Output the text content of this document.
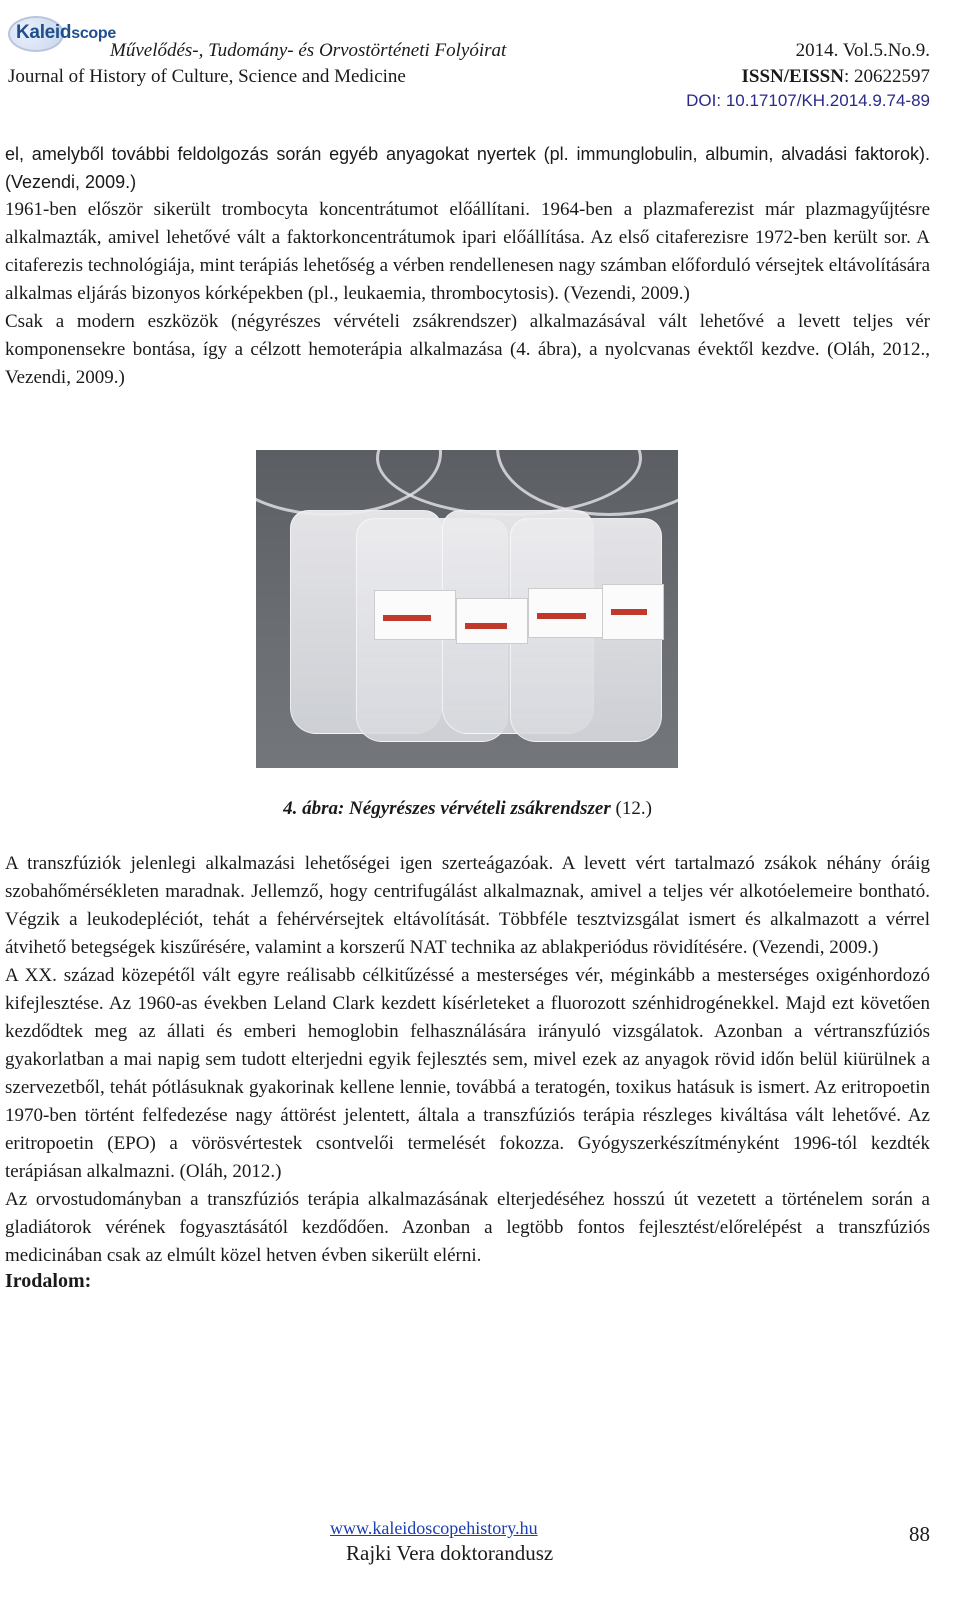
Kaleidscope
Művelődés-, Tudomány- és Orvostörténeti Folyóirat
Journal of History of Culture, Science and Medicine
2014. Vol.5.No.9.
ISSN/EISSN: 20622597
DOI: 10.17107/KH.2014.9.74-89

el, amelyből további feldolgozás során egyéb anyagokat nyertek (pl. immunglobulin, albumin, alvadási faktorok). (Vezendi, 2009.)

1961-ben először sikerült trombocyta koncentrátumot előállítani. 1964-ben a plazmaferezist már plazmagyűjtésre alkalmazták, amivel lehetővé vált a faktorkoncentrátumok ipari előállítása. Az első citaferezisre 1972-ben került sor. A citaferezis technológiája, mint terápiás lehetőség a vérben rendellenesen nagy számban előforduló vérsejtek eltávolítására alkalmas eljárás bizonyos kórképekben (pl., leukaemia, thrombocytosis). (Vezendi, 2009.)

Csak a modern eszközök (négyrészes vérvételi zsákrendszer) alkalmazásával vált lehetővé a levett teljes vér komponensekre bontása, így a célzott hemoterápia alkalmazása (4. ábra), a nyolcvanas évektől kezdve. (Oláh, 2012., Vezendi, 2009.)

4. ábra: Négyrészes vérvételi zsákrendszer (12.)

A transzfúziók jelenlegi alkalmazási lehetőségei igen szerteágazóak. A levett vért tartalmazó zsákok néhány óráig szobahőmérsékleten maradnak. Jellemző, hogy centrifugálást alkalmaznak, amivel a teljes vér alkotóelemeire bontható. Végzik a leukodepléciót, tehát a fehérvérsejtek eltávolítását. Többféle tesztvizsgálat ismert és alkalmazott a vérrel átvihető betegségek kiszűrésére, valamint a korszerű NAT technika az ablakperiódus rövidítésére. (Vezendi, 2009.)

A XX. század közepétől vált egyre reálisabb célkitűzéssé a mesterséges vér, méginkább a mesterséges oxigénhordozó kifejlesztése. Az 1960-as években Leland Clark kezdett kísérleteket a fluorozott szénhidrogénekkel. Majd ezt követően kezdődtek meg az állati és emberi hemoglobin felhasználására irányuló vizsgálatok. Azonban a vértranszfúziós gyakorlatban a mai napig sem tudott elterjedni egyik fejlesztés sem, mivel ezek az anyagok rövid időn belül kiürülnek a szervezetből, tehát pótlásuknak gyakorinak kellene lennie, továbbá a teratogén, toxikus hatásuk is ismert. Az eritropoetin 1970-ben történt felfedezése nagy áttörést jelentett, általa a transzfúziós terápia részleges kiváltása vált lehetővé. Az eritropoetin (EPO) a vörösvértestek csontvelői termelését fokozza. Gyógyszerkészítményként 1996-tól kezdték terápiásan alkalmazni. (Oláh, 2012.)

Az orvostudományban a transzfúziós terápia alkalmazásának elterjedéséhez hosszú út vezetett a történelem során a gladiátorok vérének fogyasztásától kezdődően. Azonban a legtöbb fontos fejlesztést/előrelépést a transzfúziós medicinában csak az elmúlt közel hetven évben sikerült elérni.

Irodalom:
www.kaleidoscopehistory.hu
Rajki Vera doktorandusz
88
